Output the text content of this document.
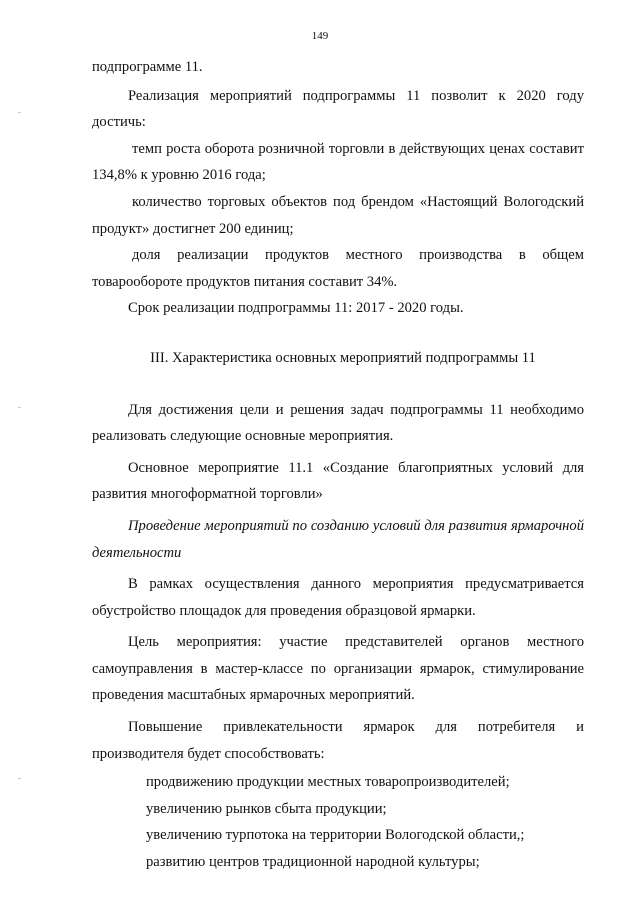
149

подпрограмме 11.

Реализация мероприятий подпрограммы 11 позволит к 2020 году достичь:

темп роста оборота розничной торговли в действующих ценах составит 134,8% к уровню 2016 года;

количество торговых объектов под брендом «Настоящий Вологодский продукт» достигнет 200 единиц;

доля реализации продуктов местного производства в общем товарообороте продуктов питания составит 34%.

Срок реализации подпрограммы 11: 2017 - 2020 годы.

III. Характеристика основных мероприятий подпрограммы 11

Для достижения цели и решения задач подпрограммы 11 необходимо реализовать следующие основные мероприятия.

Основное мероприятие 11.1 «Создание благоприятных условий для развития многоформатной торговли»

Проведение мероприятий по созданию условий для развития ярмарочной деятельности

В рамках осуществления данного мероприятия предусматривается обустройство площадок для проведения образцовой ярмарки.

Цель мероприятия: участие представителей органов местного самоуправления в мастер-классе по организации ярмарок, стимулирование проведения масштабных ярмарочных мероприятий.

Повышение привлекательности ярмарок для потребителя и производителя будет способствовать:

продвижению продукции местных товаропроизводителей;

увеличению рынков сбыта продукции;

увеличению турпотока на территории Вологодской области,;

развитию центров традиционной народной культуры;
